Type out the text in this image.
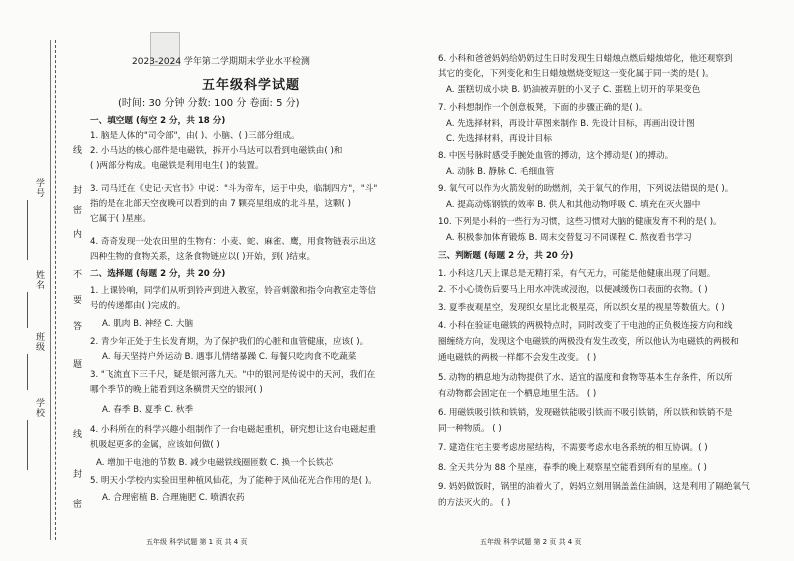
学校
班级
姓名
学号
线
封
密
内
不
要
答
题
线
封
密
2023-2024 学年第二学期期末学业水平检测
五年级科学试题
(时间: 30 分钟 分数: 100 分 卷面: 5 分)
一、填空题 (每空 2 分，共 18 分)
1. 脑是人体的"司令部"，由( )、小脑、( )三部分组成。
2. 小马达的核心部件是电磁铁，拆开小马达可以看到电磁铁由( )和
( )两部分构成。电磁铁是利用电生( )的装置。
3. 司马迁在《史记·天官书》中说："斗为帝车，运于中央，临制四方"，"斗"
指的是在北部天空夜晚可以看到的由 7 颗亮星组成的北斗星，这颗( )
它属于( )星座。
4. 奇奇发现一处农田里的生物有：小麦、蛇、麻雀、鹰，用食物链表示出这
四种生物的食物关系，这条食物链应以( )开始，到( )结束。
二、选择题 (每题 2 分，共 20 分)
1. 上课铃响，同学们从听到铃声到进入教室，铃音刺激和指令向教室走等信
号的传递都由( )完成的。
A. 肌肉 B. 神经 C. 大脑
2. 青少年正处于生长发育期，为了保护我们的心脏和血管健康，应该( )。
A. 每天坚持户外运动 B. 遇事儿情绪暴躁 C. 每餐只吃肉食不吃蔬菜
3. "飞流直下三千尺，疑是银河落九天。"中的银河是传说中的天河，我们在
哪个季节的晚上能看到这条横贯天空的银河( )
A. 春季 B. 夏季 C. 秋季
4. 小科所在的科学兴趣小组制作了一台电磁起重机，研究想让这台电磁起重
机吸起更多的金属，应该如何做( )
A. 增加干电池的节数 B. 减少电磁铁线圈匝数 C. 换一个长铁芯
5. 明天小学校内实验田里种植风仙花，为了能种于风仙花光合作用的是( )。
A. 合理密植 B. 合理施肥 C. 喷洒农药
五年级 科学试题 第 1 页 共 4 页
6. 小科和爸爸妈妈给奶奶过生日时发现生日蜡烛点燃后蜡烛熔化，他还观察到
其它的变化，下列变化和生日蜡烛燃烧变短这一变化属于同一类的是( )。
A. 蛋糕切成小块 B. 奶油被弄脏的小叉子 C. 蛋糕上切开的苹果变色
7. 小科想制作一个创意板凳，下面的步骤正确的是( )。
A. 先选择材料，再设计草图来制作 B. 先设计目标，再画出设计图
C. 先选择材料，再设计目标
8. 中医号脉时感受手腕处血管的搏动，这个搏动是( )的搏动。
A. 动脉 B. 静脉 C. 毛细血管
9. 氧气可以作为火箭发射的助燃剂，关于氧气的作用，下列说法错误的是( )。
A. 提高动炼钢铁的效率 B. 供人和其他动物呼吸 C. 填充在灭火器中
10. 下列是小科的一些行为习惯，这些习惯对大脑的健康发育不利的是( )。
A. 积极参加体育锻炼 B. 周末交替复习不同课程 C. 熬夜看书学习
三、判断题 (每题 2 分，共 20 分)
1. 小科这几天上课总是无精打采，有气无力，可能是他健康出现了问题。
2. 不小心烫伤后要马上用水冲洗或浸泡，以便减缓伤口表面的衣物。( )
3. 夏季夜观星空，发现织女星比北极星亮，所以织女星的视星等数值大。( )
4. 小科在验证电磁铁的两极特点时，同时改变了干电池的正负极连接方向和线
圈缠绕方向，发现这个电磁铁的两极没有发生改变，所以他认为电磁铁的两极和
通电磁铁的两极一样都不会发生改变。 ( )
5. 动物的栖息地为动物提供了水、适宜的温度和食物等基本生存条件，所以所
有动物都会固定在一个栖息地里生活。 ( )
6. 用磁铁吸引铁和铁销，发现磁铁能吸引铁而不吸引铁销，所以铁和铁销不是
同一种物质。 ( )
7. 建造住宅主要考虑房屋结构，不需要考虑水电各系统的相互协调。( )
8. 全天共分为 88 个星座，春季的晚上观察星空能看到所有的星座。( )
9. 妈妈做饭时，锅里的油着火了，妈妈立刻用锅盖盖住油锅，这是利用了隔绝氧气
的方法灭火的。 ( )
五年级 科学试题 第 2 页 共 4 页
